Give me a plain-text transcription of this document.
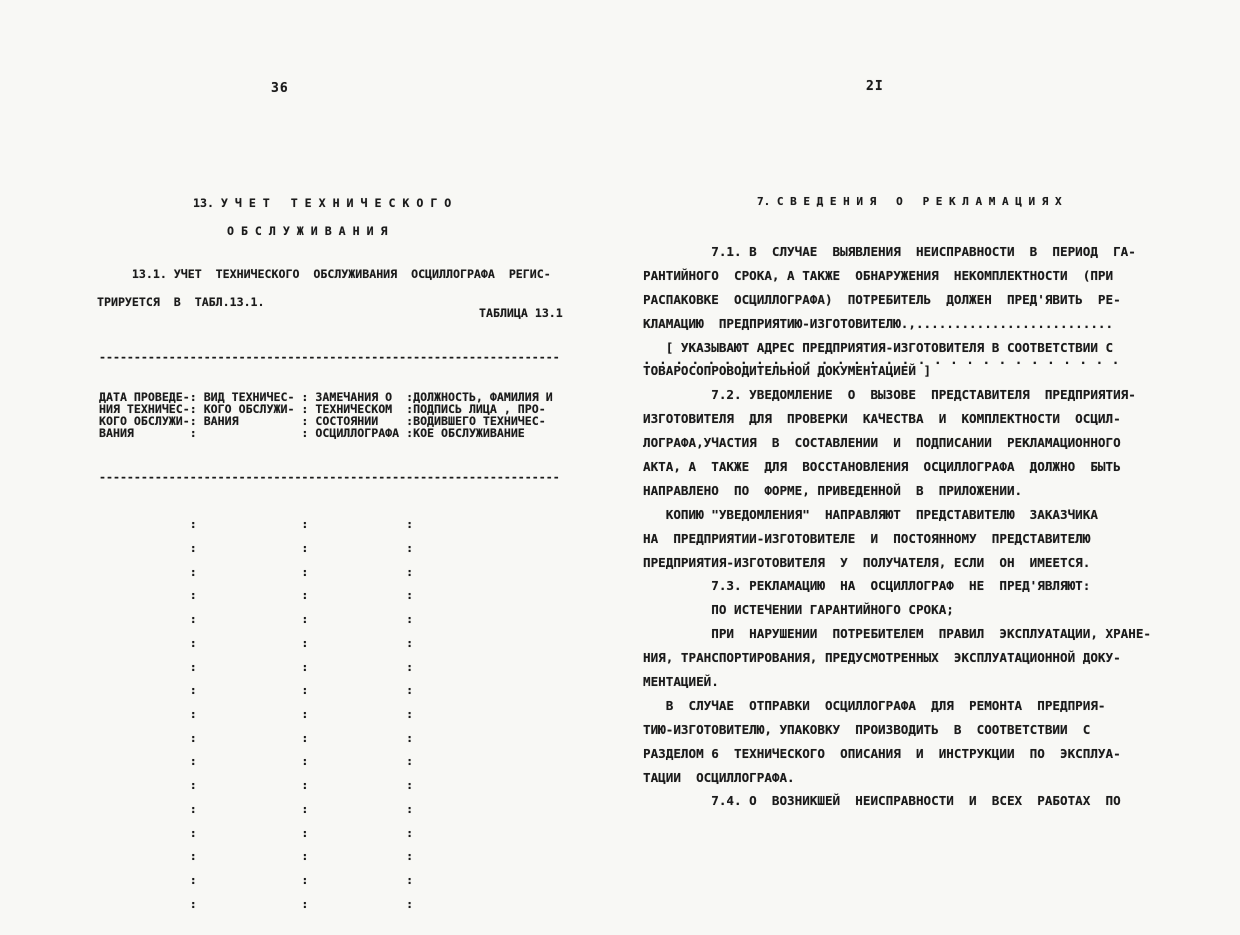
36
13. У Ч Е Т   Т Е Х Н И Ч Е С К О Г О
О Б С Л У Ж И В А Н И Я
13.1. УЧЕТ  ТЕХНИЧЕСКОГО  ОБСЛУЖИВАНИЯ  ОСЦИЛЛОГРАФА  РЕГИС-
ТРИРУЕТСЯ  В  ТАБЛ.13.1.
ТАБЛИЦА 13.1

------------------------------------------------------------------

ДАТА ПРОВЕДЕ-: ВИД ТЕХНИЧЕС- : ЗАМЕЧАНИЯ О  :ДОЛЖНОСТЬ, ФАМИЛИЯ И
НИЯ ТЕХНИЧЕС-: КОГО ОБСЛУЖИ- : ТЕХНИЧЕСКОМ  :ПОДПИСЬ ЛИЦА , ПРО-
КОГО ОБСЛУЖИ-: ВАНИЯ         : СОСТОЯНИИ    :ВОДИВШЕГО ТЕХНИЧЕС-
ВАНИЯ        :               : ОСЦИЛЛОГРАФА :КОЕ ОБСЛУЖИВАНИЕ

------------------------------------------------------------------

:               :              :
:               :              :
:               :              :
:               :              :
:               :              :
:               :              :
:               :              :
:               :              :
:               :              :
:               :              :
:               :              :
:               :              :
:               :              :
:               :              :
:               :              :
:               :              :
:               :              :

2I
7. С В Е Д Е Н И Я   О   Р Е К Л А М А Ц И Я Х
7.1. В  СЛУЧАЕ  ВЫЯВЛЕНИЯ  НЕИСПРАВНОСТИ  В  ПЕРИОД  ГА-
РАНТИЙНОГО  СРОКА, А ТАКЖЕ  ОБНАРУЖЕНИЯ  НЕКОМПЛЕКТНОСТИ  (ПРИ
РАСПАКОВКЕ  ОСЦИЛЛОГРАФА)  ПОТРЕБИТЕЛЬ  ДОЛЖЕН  ПРЕД'ЯВИТЬ  РЕ-
КЛАМАЦИЮ  ПРЕДПРИЯТИЮ-ИЗГОТОВИТЕЛЮ.,..........................
[ УКАЗЫВАЮТ АДРЕС ПРЕДПРИЯТИЯ-ИЗГОТОВИТЕЛЯ В СООТВЕТСТВИИ С
ТОВАРОСОПРОВОДИТЕЛЬНОЙ ДОКУМЕНТАЦИЕЙ ]
7.2. УВЕДОМЛЕНИЕ  О  ВЫЗОВЕ  ПРЕДСТАВИТЕЛЯ  ПРЕДПРИЯТИЯ-
ИЗГОТОВИТЕЛЯ  ДЛЯ  ПРОВЕРКИ  КАЧЕСТВА  И  КОМПЛЕКТНОСТИ  ОСЦИЛ-
ЛОГРАФА,УЧАСТИЯ  В  СОСТАВЛЕНИИ  И  ПОДПИСАНИИ  РЕКЛАМАЦИОННОГО
АКТА, А  ТАКЖЕ  ДЛЯ  ВОССТАНОВЛЕНИЯ  ОСЦИЛЛОГРАФА  ДОЛЖНО  БЫТЬ
НАПРАВЛЕНО  ПО  ФОРМЕ, ПРИВЕДЕННОЙ  В  ПРИЛОЖЕНИИ.
КОПИЮ "УВЕДОМЛЕНИЯ"  НАПРАВЛЯЮТ  ПРЕДСТАВИТЕЛЮ  ЗАКАЗЧИКА
НА  ПРЕДПРИЯТИИ-ИЗГОТОВИТЕЛЕ  И  ПОСТОЯННОМУ  ПРЕДСТАВИТЕЛЮ
ПРЕДПРИЯТИЯ-ИЗГОТОВИТЕЛЯ  У  ПОЛУЧАТЕЛЯ, ЕСЛИ  ОН  ИМЕЕТСЯ.
7.3. РЕКЛАМАЦИЮ  НА  ОСЦИЛЛОГРАФ  НЕ  ПРЕД'ЯВЛЯЮТ:
ПО ИСТЕЧЕНИИ ГАРАНТИЙНОГО СРОКА;
ПРИ  НАРУШЕНИИ  ПОТРЕБИТЕЛЕМ  ПРАВИЛ  ЭКСПЛУАТАЦИИ, ХРАНЕ-
НИЯ, ТРАНСПОРТИРОВАНИЯ, ПРЕДУСМОТРЕННЫХ  ЭКСПЛУАТАЦИОННОЙ ДОКУ-
МЕНТАЦИЕЙ.
В  СЛУЧАЕ  ОТПРАВКИ  ОСЦИЛЛОГРАФА  ДЛЯ  РЕМОНТА  ПРЕДПРИЯ-
ТИЮ-ИЗГОТОВИТЕЛЮ, УПАКОВКУ  ПРОИЗВОДИТЬ  В  СООТВЕТСТВИИ  С
РАЗДЕЛОМ 6  ТЕХНИЧЕСКОГО  ОПИСАНИЯ  И  ИНСТРУКЦИИ  ПО  ЭКСПЛУА-
ТАЦИИ  ОСЦИЛЛОГРАФА.
7.4. О  ВОЗНИКШЕЙ  НЕИСПРАВНОСТИ  И  ВСЕХ  РАБОТАХ  ПО
. . . . . . . . . . . . . . . . . . . . . . . . . . . . . .
